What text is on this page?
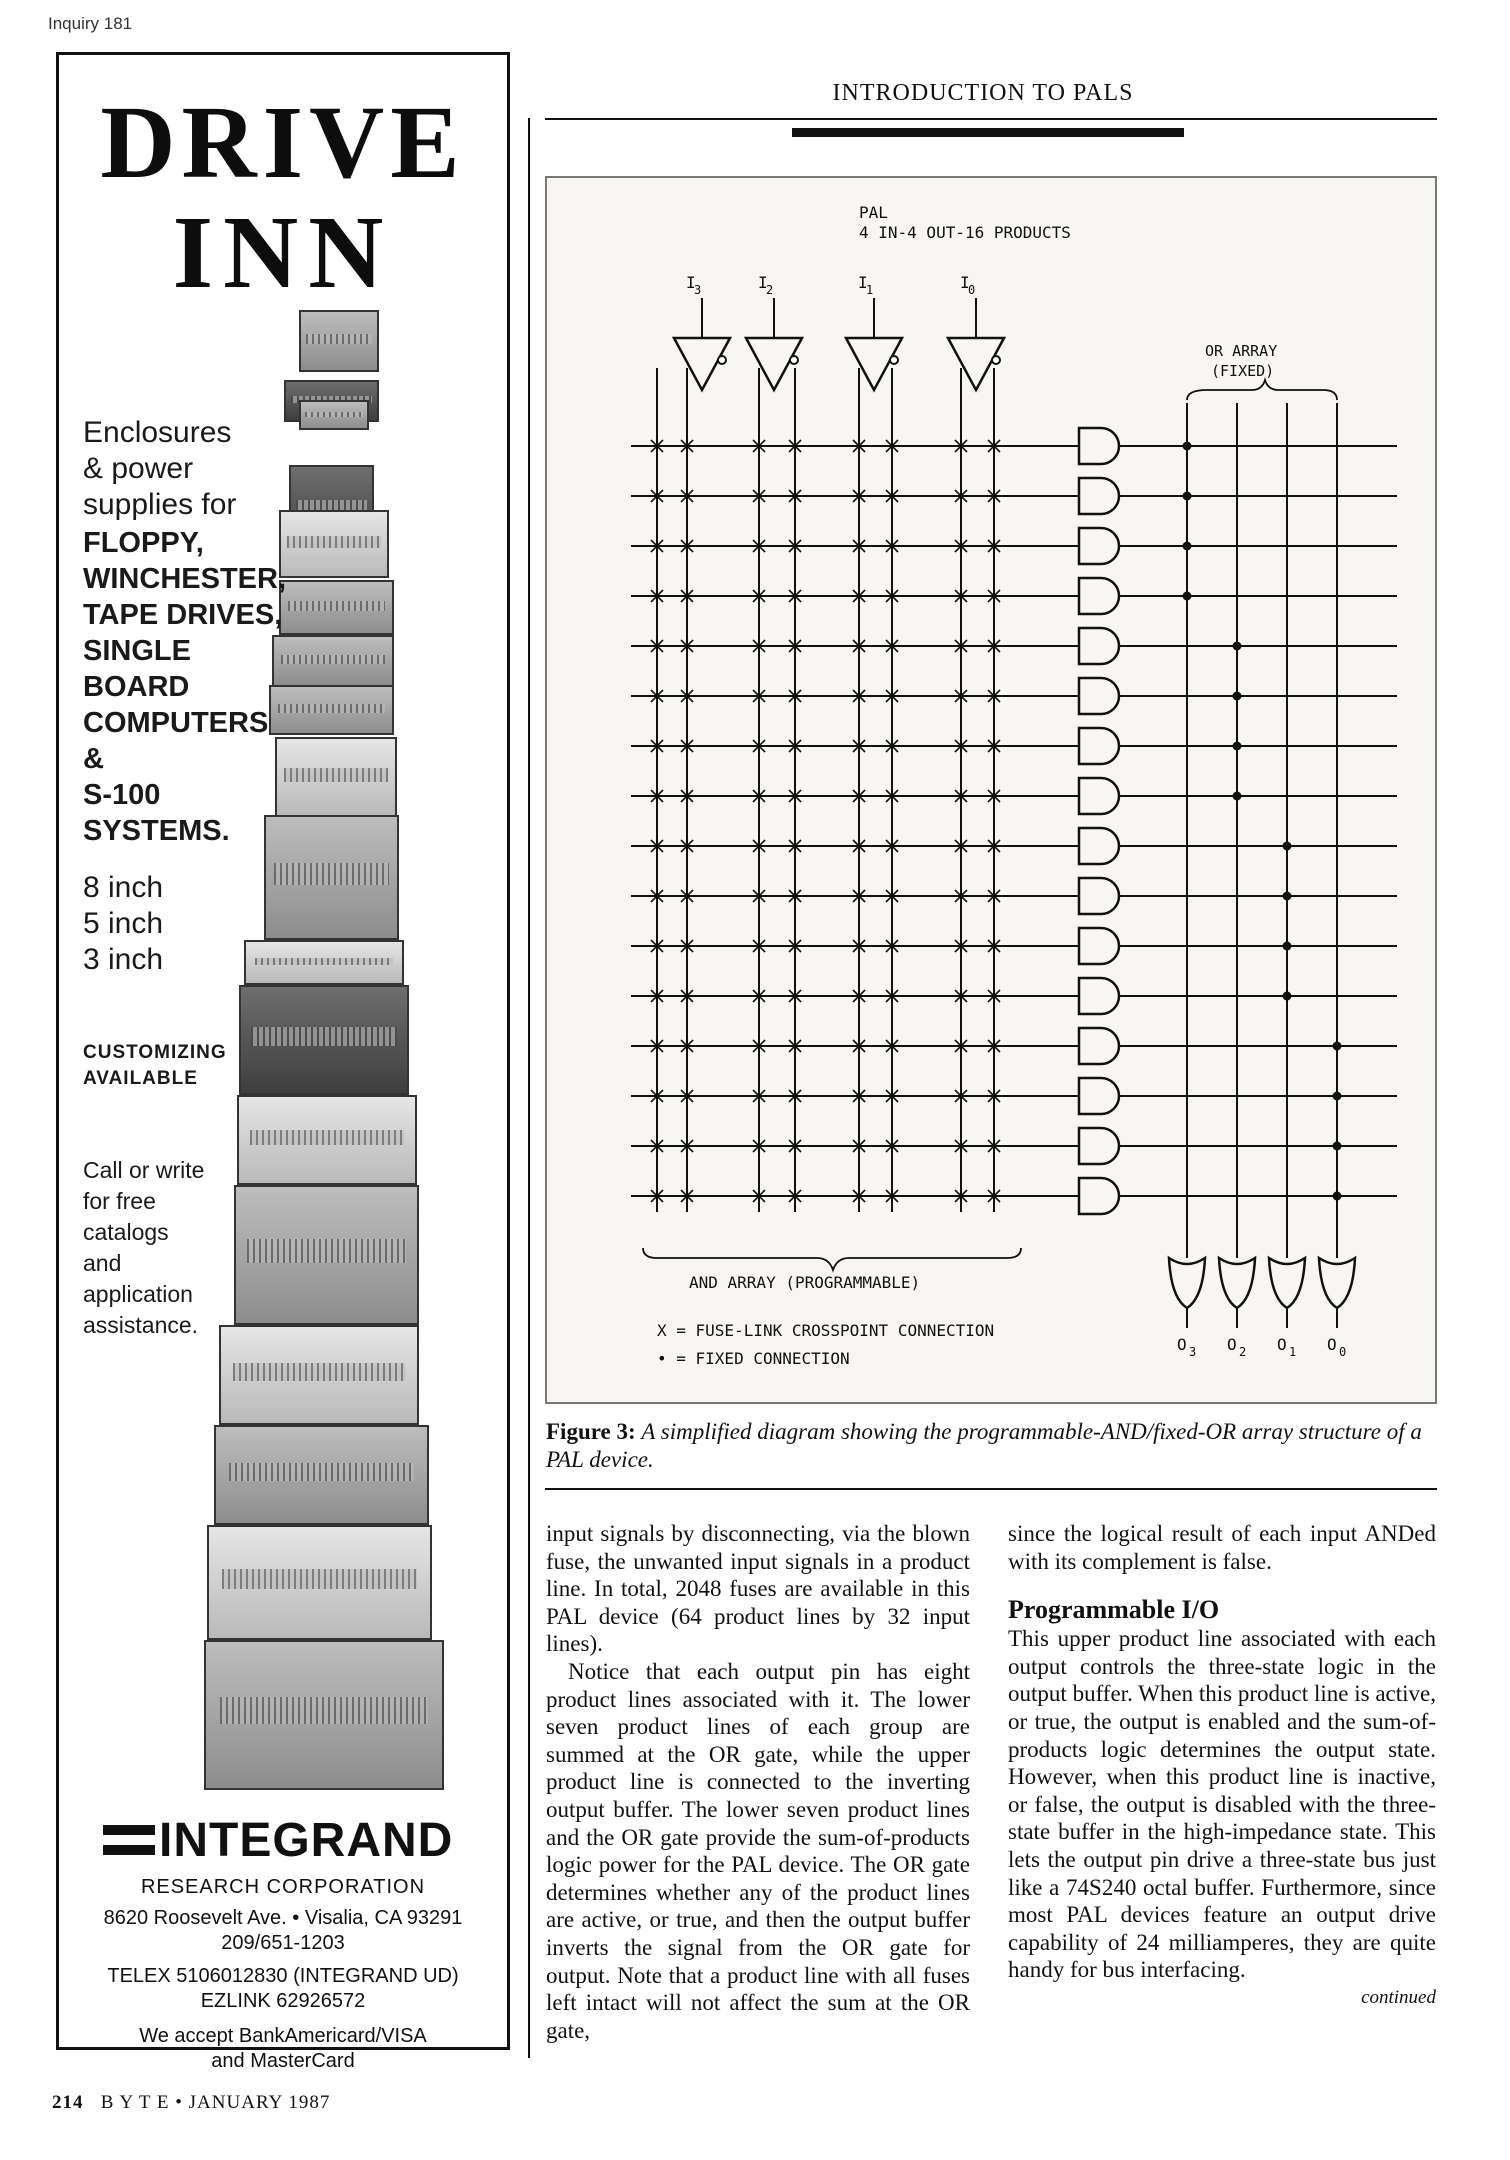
Inquiry 181
DRIVE
INN
Enclosures
& power
supplies for
FLOPPY,
WINCHESTER,
TAPE DRIVES,
SINGLE
BOARD
COMPUTERS
&
S-100
SYSTEMS.
8 inch
5 inch
3 inch
CUSTOMIZING
AVAILABLE
Call or write
for free
catalogs
and
application
assistance.
INTEGRAND
RESEARCH CORPORATION
8620 Roosevelt Ave. • Visalia, CA 93291
209/651-1203
TELEX 5106012830 (INTEGRAND UD)
EZLINK 62926572
We accept BankAmericard/VISA
and MasterCard
INTRODUCTION TO PALS
PAL
4 IN-4 OUT-16 PRODUCTS
OR ARRAY
(FIXED)
AND ARRAY (PROGRAMMABLE)
X = FUSE-LINK CROSSPOINT CONNECTION
• = FIXED CONNECTION
I
3	I
2	I
1	I
0
O 3 O 2 O 1 O 0
Figure 3: A simplified diagram showing the programmable-AND/fixed-OR array structure of a PAL device.

input signals by disconnecting, via the blown fuse, the unwanted input signals in a product line. In total, 2048 fuses are available in this PAL device (64 product lines by 32 input lines).

Notice that each output pin has eight product lines associated with it. The lower seven product lines of each group are summed at the OR gate, while the upper product line is connected to the inverting output buffer. The lower seven product lines and the OR gate provide the sum-of-products logic power for the PAL device. The OR gate determines whether any of the product lines are active, or true, and then the output buffer inverts the signal from the OR gate for output. Note that a product line with all fuses left intact will not affect the sum at the OR gate,

since the logical result of each input ANDed with its complement is false.

Programmable I/O

This upper product line associated with each output controls the three-state logic in the output buffer. When this product line is active, or true, the output is enabled and the sum-of-products logic determines the output state. However, when this product line is inactive, or false, the output is disabled with the three-state buffer in the high-impedance state. This lets the output pin drive a three-state bus just like a 74S240 octal buffer. Furthermore, since most PAL devices feature an output drive capability of 24 milliamperes, they are quite handy for bus interfacing.

continued
214 B Y T E • JANUARY 1987
